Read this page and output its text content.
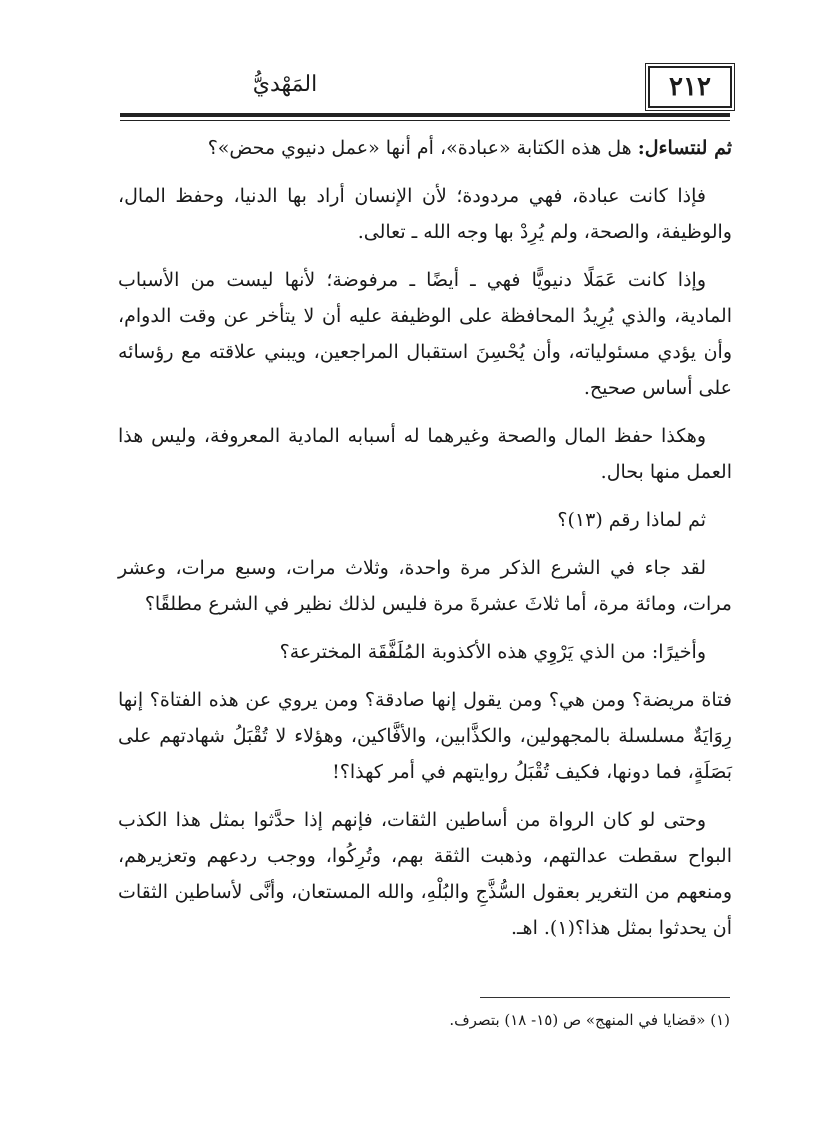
٢١٢
المَهْديُّ

ثم لنتساءل: هل هذه الكتابة «عبادة»، أم أنها «عمل دنيوي محض»؟

فإذا كانت عبادة، فهي مردودة؛ لأن الإنسان أراد بها الدنيا، وحفظ المال، والوظيفة، والصحة، ولم يُرِدْ بها وجه الله ـ تعالى.

وإذا كانت عَمَلًا دنيويًّا فهي ـ أيضًا ـ مرفوضة؛ لأنها ليست من الأسباب المادية، والذي يُرِيدُ المحافظة على الوظيفة عليه أن لا يتأخر عن وقت الدوام، وأن يؤدي مسئولياته، وأن يُحْسِنَ استقبال المراجعين، ويبني علاقته مع رؤسائه على أساس صحيح.

وهكذا حفظ المال والصحة وغيرهما له أسبابه المادية المعروفة، وليس هذا العمل منها بحال.

ثم لماذا رقم (١٣)؟

لقد جاء في الشرع الذكر مرة واحدة، وثلاث مرات، وسبع مرات، وعشر مرات، ومائة مرة، أما ثلاثَ عشرةَ مرة فليس لذلك نظير في الشرع مطلقًا؟

وأخيرًا: من الذي يَرْوِي هذه الأكذوبة المُلَفَّقَة المخترعة؟

فتاة مريضة؟ ومن هي؟ ومن يقول إنها صادقة؟ ومن يروي عن هذه الفتاة؟ إنها رِوَايَةٌ مسلسلة بالمجهولين، والكذَّابين، والأفَّاكين، وهؤلاء لا تُقْبَلُ شهادتهم على بَصَلَةٍ، فما دونها، فكيف تُقْبَلُ روايتهم في أمر كهذا؟!

وحتى لو كان الرواة من أساطين الثقات، فإنهم إذا حدَّثوا بمثل هذا الكذب البواح سقطت عدالتهم، وذهبت الثقة بهم، وتُرِكُوا، ووجب ردعهم وتعزيرهم، ومنعهم من التغرير بعقول السُّذَّجِ والبُلْهِ، والله المستعان، وأنَّى لأساطين الثقات أن يحدثوا بمثل هذا؟(١). اهـ.

(١) «قضايا في المنهج» ص (١٥- ١٨) بتصرف.
